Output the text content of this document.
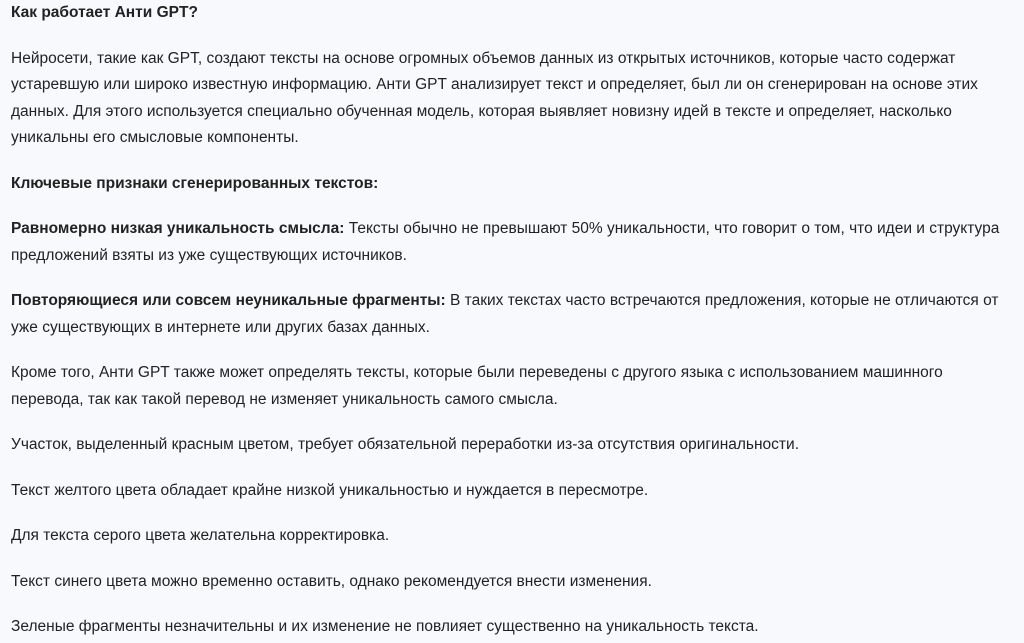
Как работает Анти GPT?

Нейросети, такие как GPT, создают тексты на основе огромных объемов данных из открытых источников, которые часто содержат устаревшую или широко известную информацию. Анти GPT анализирует текст и определяет, был ли он сгенерирован на основе этих данных. Для этого используется специально обученная модель, которая выявляет новизну идей в тексте и определяет, насколько уникальны его смысловые компоненты.

Ключевые признаки сгенерированных текстов:

Равномерно низкая уникальность смысла: Тексты обычно не превышают 50% уникальности, что говорит о том, что идеи и структура предложений взяты из уже существующих источников.

Повторяющиеся или совсем неуникальные фрагменты: В таких текстах часто встречаются предложения, которые не отличаются от уже существующих в интернете или других базах данных.

Кроме того, Анти GPT также может определять тексты, которые были переведены с другого языка с использованием машинного перевода, так как такой перевод не изменяет уникальность самого смысла.

Участок, выделенный красным цветом, требует обязательной переработки из-за отсутствия оригинальности.

Текст желтого цвета обладает крайне низкой уникальностью и нуждается в пересмотре.

Для текста серого цвета желательна корректировка.

Текст синего цвета можно временно оставить, однако рекомендуется внести изменения.

Зеленые фрагменты незначительны и их изменение не повлияет существенно на уникальность текста.
